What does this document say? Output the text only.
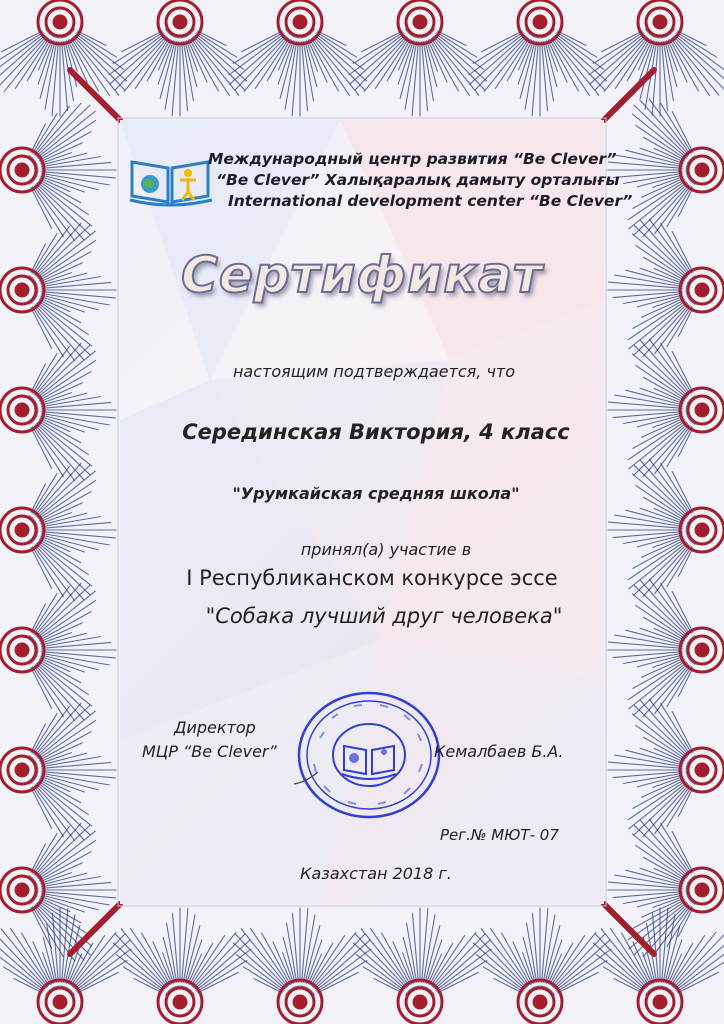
Международный центр развития “Be Clever”
“Be Clever” Халықаралық дамыту орталығы
International development center “Be Clever”
Сертификат
настоящим подтверждается, что
Серединская Виктория, 4 класс
"Урумкайская средняя школа"
принял(а) участие в
I Республиканском конкурсе эссе
"Собака лучший друг человека"
Директор
МЦР “Be Clever”	Кемалбаев Б.А.
Рег.№ МЮТ- 07
Казахстан 2018 г.
